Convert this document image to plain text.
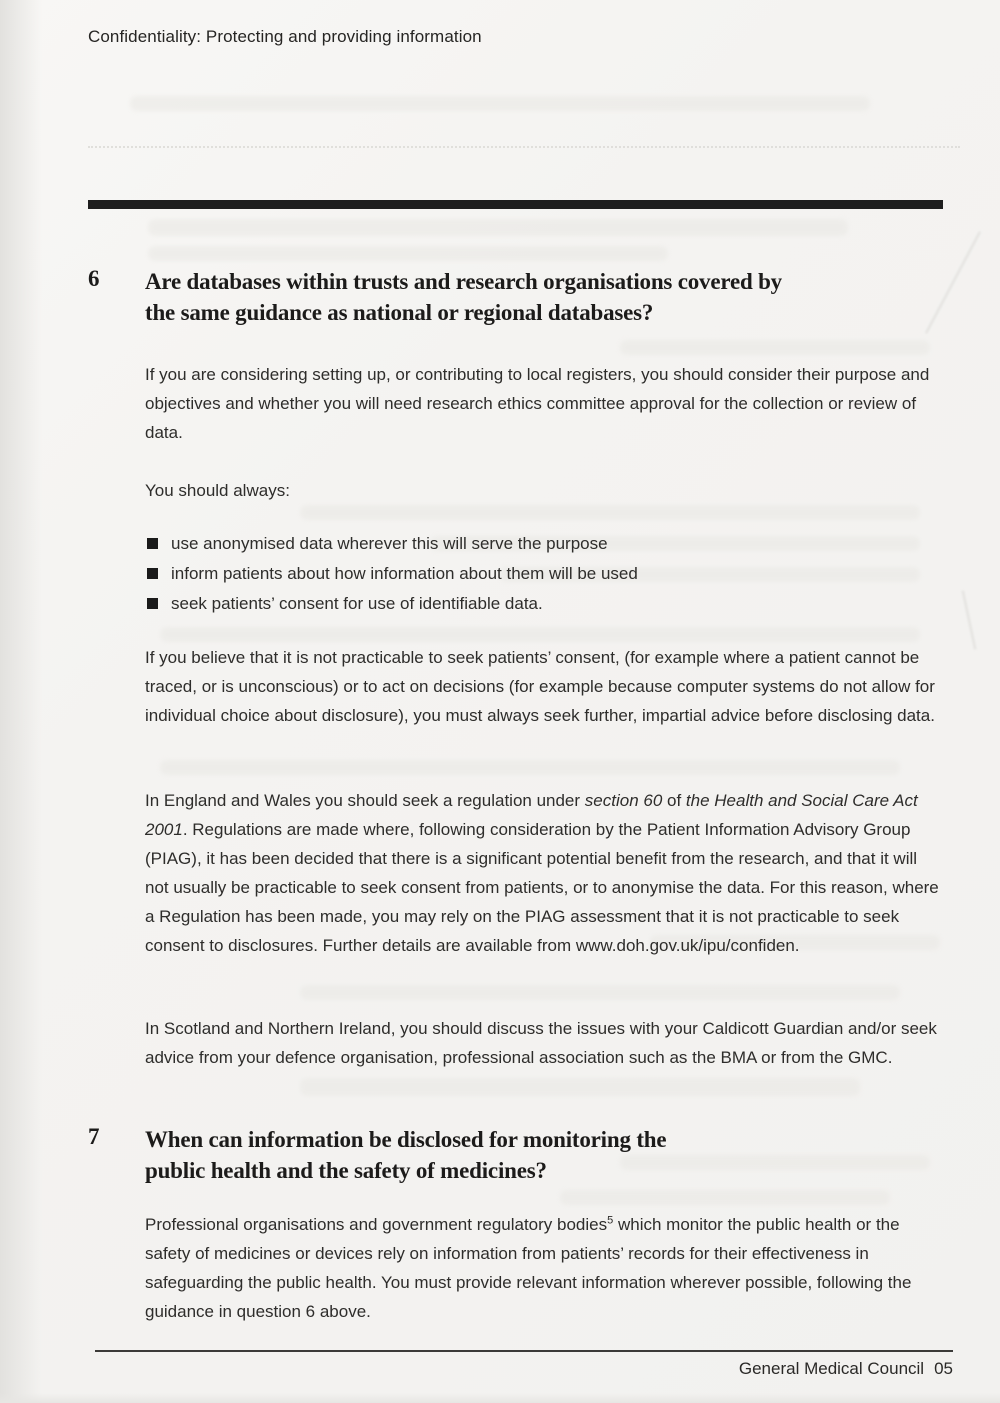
Confidentiality: Protecting and providing information
6	Are databases within trusts and research organisations covered by
the same guidance as national or regional databases?

If you are considering setting up, or contributing to local registers, you should consider their purpose and objectives and whether you will need research ethics committee approval for the collection or review of data.

You should always:

use anonymised data wherever this will serve the purpose
inform patients about how information about them will be used
seek patients’ consent for use of identifiable data.

If you believe that it is not practicable to seek patients’ consent, (for example where a patient cannot be traced, or is unconscious) or to act on decisions (for example because computer systems do not allow for individual choice about disclosure), you must always seek further, impartial advice before disclosing data.

In England and Wales you should seek a regulation under section 60 of the Health and Social Care Act 2001. Regulations are made where, following consideration by the Patient Information Advisory Group (PIAG), it has been decided that there is a significant potential benefit from the research, and that it will not usually be practicable to seek consent from patients, or to anonymise the data. For this reason, where a Regulation has been made, you may rely on the PIAG assessment that it is not practicable to seek consent to disclosures. Further details are available from www.doh.gov.uk/ipu/confiden.

In Scotland and Northern Ireland, you should discuss the issues with your Caldicott Guardian and/or seek advice from your defence organisation, professional association such as the BMA or from the GMC.

7	When can information be disclosed for monitoring the
public health and the safety of medicines?

Professional organisations and government regulatory bodies$^5$ which monitor the public health or the safety of medicines or devices rely on information from patients’ records for their effectiveness in safeguarding the public health. You must provide relevant information wherever possible, following the guidance in question 6 above.

General Medical Council 05
